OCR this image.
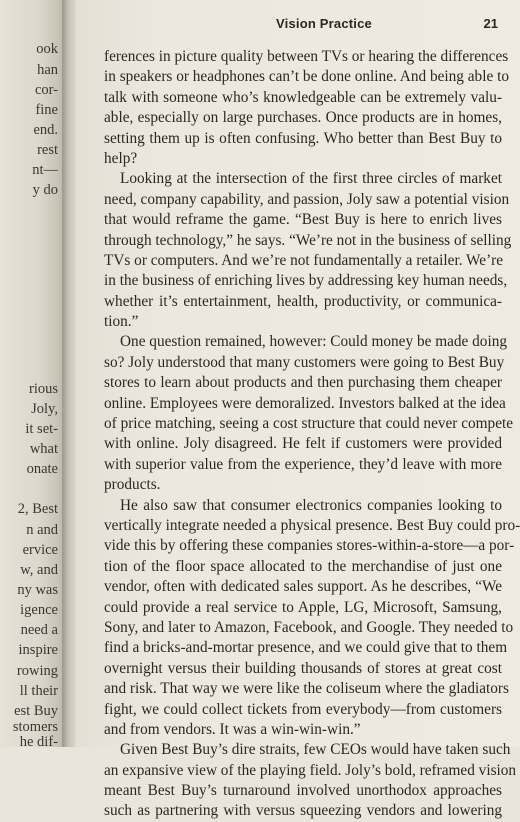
ook
han
cor-
fine
end.
rest
nt—
y do
rious
Joly,
it set-
what
onate
2, Best
n and
ervice
w, and
ny was
igence
need a
inspire
rowing
ll their
est Buy
stomers
he dif-
Vision Practice	21
ferences in picture quality between TVs or hearing the differences
in speakers or headphones can’t be done online. And being able to
talk with someone who’s knowledgeable can be extremely valu-
able, especially on large purchases. Once products are in homes,
setting them up is often confusing. Who better than Best Buy to
help?
Looking at the intersection of the first three circles of market
need, company capability, and passion, Joly saw a potential vision
that would reframe the game. “Best Buy is here to enrich lives
through technology,” he says. “We’re not in the business of selling
TVs or computers. And we’re not fundamentally a retailer. We’re
in the business of enriching lives by addressing key human needs,
whether it’s entertainment, health, productivity, or communica-
tion.”
One question remained, however: Could money be made doing
so? Joly understood that many customers were going to Best Buy
stores to learn about products and then purchasing them cheaper
online. Employees were demoralized. Investors balked at the idea
of price matching, seeing a cost structure that could never compete
with online. Joly disagreed. He felt if customers were provided
with superior value from the experience, they’d leave with more
products.
He also saw that consumer electronics companies looking to
vertically integrate needed a physical presence. Best Buy could pro-
vide this by offering these companies stores-within-a-store—a por-
tion of the floor space allocated to the merchandise of just one
vendor, often with dedicated sales support. As he describes, “We
could provide a real service to Apple, LG, Microsoft, Samsung,
Sony, and later to Amazon, Facebook, and Google. They needed to
find a bricks-and-mortar presence, and we could give that to them
overnight versus their building thousands of stores at great cost
and risk. That way we were like the coliseum where the gladiators
fight, we could collect tickets from everybody—from customers
and from vendors. It was a win-win-win.”
Given Best Buy’s dire straits, few CEOs would have taken such
an expansive view of the playing field. Joly’s bold, reframed vision
meant Best Buy’s turnaround involved unorthodox approaches
such as partnering with versus squeezing vendors and lowering
